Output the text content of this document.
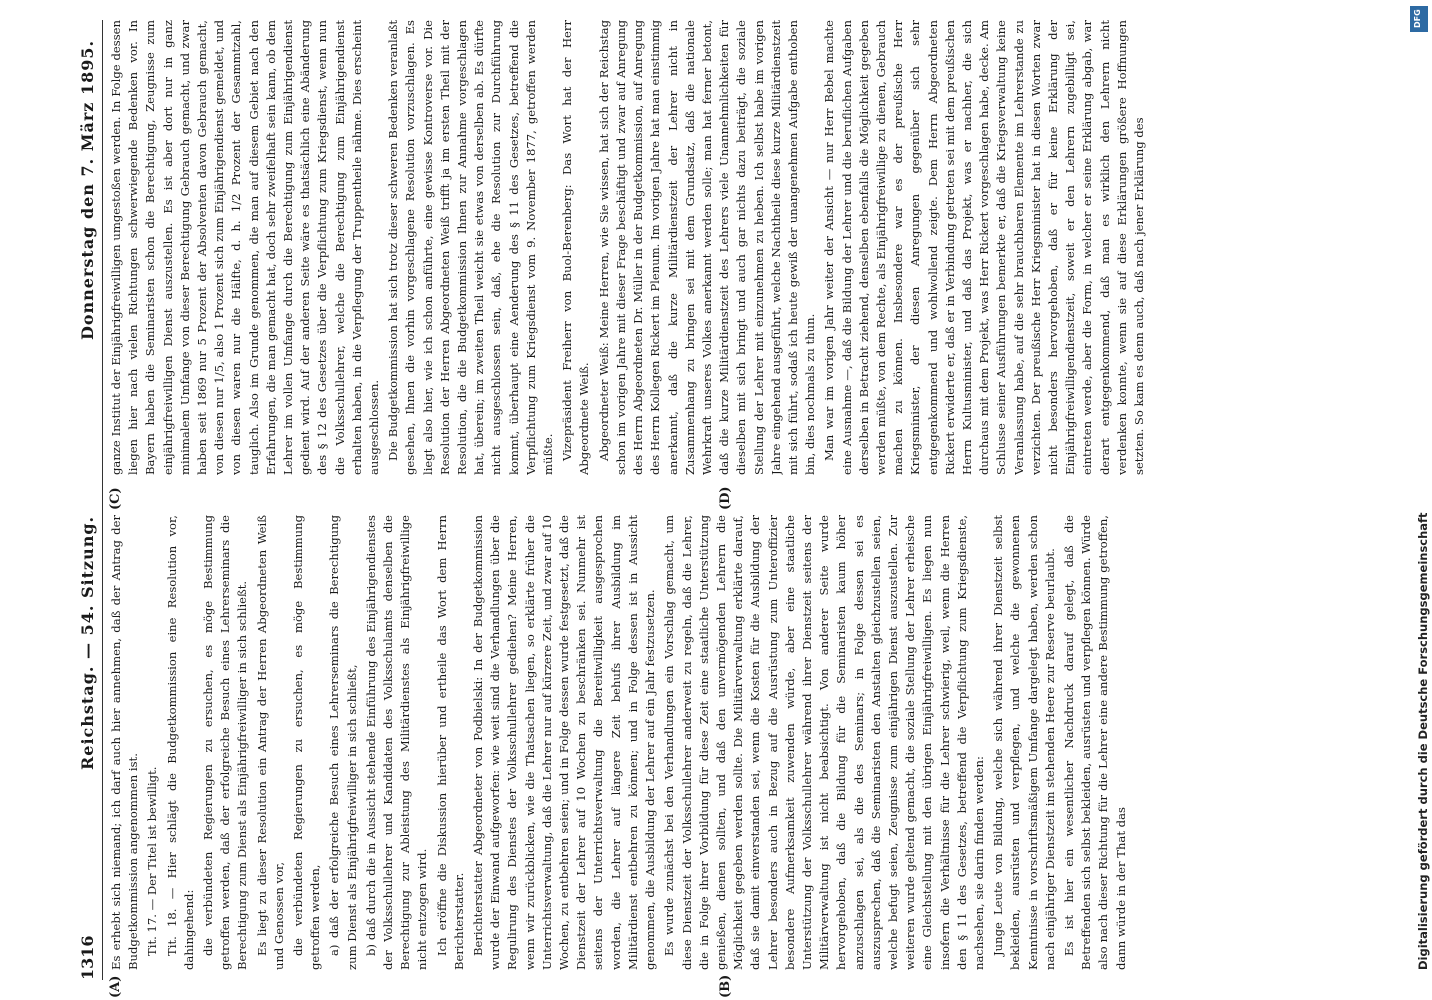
1316
Reichstag. — 54. Sitzung.
Donnerstag den 7. März 1895.
(A)	(B)
(C)	(D)

Es erhebt sich niemand; ich darf auch hier annehmen, daß der Antrag der Budgetkommission angenommen ist. Tit. 17. — Der Titel ist bewilligt. Tit. 18. — Hier schlägt die Budgetkommission eine Resolution vor, dahingehend: die verbündeten Regierungen zu ersuchen, es möge Bestimmung getroffen werden, daß der erfolgreiche Besuch eines Lehrerseminars die Berechtigung zum Dienst als Einjährigfreiwilliger in sich schließt. Es liegt zu dieser Resolution ein Antrag der Herren Abgeordneten Weiß und Genossen vor, die verbündeten Regierungen zu ersuchen, es möge Bestimmung getroffen werden, a) daß der erfolgreiche Besuch eines Lehrerseminars die Berechtigung zum Dienst als Einjährigfreiwilliger in sich schließt, b) daß durch die in Aussicht stehende Einführung des Einjährigendienstes der Volksschullehrer und Kandidaten des Volksschulamts denselben die Berechtigung zur Ableistung des Militärdienstes als Einjährigfreiwillige nicht entzogen wird. Ich eröffne die Diskussion hierüber und ertheile das Wort dem Herrn Berichterstatter. Berichterstatter Abgeordneter von Podbielski: In der Budgetkommission wurde der Einwand aufgeworfen: wie weit sind die Verhandlungen über die Regulirung des Dienstes der Volksschullehrer gediehen? Meine Herren, wenn wir zurückblicken, wie die Thatsachen liegen, so erklärte früher die Unterrichtsverwaltung, daß die Lehrer nur auf kürzere Zeit, und zwar auf 10 Wochen, zu entbehren seien; und in Folge dessen wurde festgesetzt, daß die Dienstzeit der Lehrer auf 10 Wochen zu beschränken sei. Nunmehr ist seitens der Unterrichtsverwaltung die Bereitwilligkeit ausgesprochen worden, die Lehrer auf längere Zeit behufs ihrer Ausbildung im Militärdienst entbehren zu können; und in Folge dessen ist in Aussicht genommen, die Ausbildung der Lehrer auf ein Jahr festzusetzen. Es wurde zunächst bei den Verhandlungen ein Vorschlag gemacht, um diese Dienstzeit der Volksschullehrer anderweit zu regeln, daß die Lehrer, die in Folge ihrer Vorbildung für diese Zeit eine staatliche Unterstützung genießen, dienen sollten, und daß den unvermögenden Lehrern die Möglichkeit gegeben werden sollte. Die Militärverwaltung erklärte darauf, daß sie damit einverstanden sei, wenn die Kosten für die Ausbildung der Lehrer besonders auch in Bezug auf die Ausrüstung zum Unteroffizier besondere Aufmerksamkeit zuwenden würde, aber eine staatliche Unterstützung der Volksschullehrer während ihrer Dienstzeit seitens der Militärverwaltung ist nicht beabsichtigt. Von anderer Seite wurde hervorgehoben, daß die Bildung für die Seminaristen kaum höher anzuschlagen sei, als die des Seminars; in Folge dessen sei es auszusprechen, daß die Seminaristen den Anstalten gleichzustellen seien, welche befugt seien, Zeugnisse zum einjährigen Dienst auszustellen. Zur weiteren wurde geltend gemacht, die soziale Stellung der Lehrer erheische eine Gleichstellung mit den übrigen Einjährigfreiwilligen. Es liegen nun insofern die Verhältnisse für die Lehrer schwierig, weil, wenn die Herren den § 11 des Gesetzes, betreffend die Verpflichtung zum Kriegsdienste, nachsehen, sie darin finden werden: Junge Leute von Bildung, welche sich während ihrer Dienstzeit selbst bekleiden, ausrüsten und verpflegen, und welche die gewonnenen Kenntnisse in vorschriftsmäßigem Umfange dargelegt haben, werden schon nach einjähriger Dienstzeit im stehenden Heere zur Reserve beurlaubt. Es ist hier ein wesentlicher Nachdruck darauf gelegt, daß die Betreffenden sich selbst bekleiden, ausrüsten und verpflegen können. Würde also nach dieser Richtung für die Lehrer eine andere Bestimmung getroffen, dann würde in der That das

ganze Institut der Einjährigfreiwilligen umgestoßen werden. In Folge dessen liegen hier nach vielen Richtungen schwerwiegende Bedenken vor. In Bayern haben die Seminaristen schon die Berechtigung, Zeugnisse zum einjährigfreiwilligen Dienst auszustellen. Es ist aber dort nur in ganz minimalem Umfange von dieser Berechtigung Gebrauch gemacht, und zwar haben seit 1869 nur 5 Prozent der Absolventen davon Gebrauch gemacht, von diesen nur 1/5, also 1 Prozent sich zum Einjährigendienst gemeldet, und von diesen waren nur die Hälfte, d. h. 1/2 Prozent der Gesammtzahl, tauglich. Also im Grunde genommen, die man auf diesem Gebiet nach den Erfahrungen, die man gemacht hat, doch sehr zweifelhaft sein kann, ob dem Lehrer im vollen Umfange durch die Berechtigung zum Einjährigendienst gedient wird. Auf der anderen Seite wäre es thatsächlich eine Abänderung des § 12 des Gesetzes über die Verpflichtung zum Kriegsdienst, wenn nun die Volksschullehrer, welche die Berechtigung zum Einjährigendienst erhalten haben, in die Verpflegung der Truppentheile nähme. Dies erscheint ausgeschlossen. Die Budgetkommission hat sich trotz dieser schweren Bedenken veranlaßt gesehen, Ihnen die vorhin vorgeschlagene Resolution vorzuschlagen. Es liegt also hier, wie ich schon anführte, eine gewisse Kontroverse vor. Die Resolution der Herren Abgeordneten Weiß trifft ja im ersten Theil mit der Resolution, die die Budgetkommission Ihnen zur Annahme vorgeschlagen hat, überein; im zweiten Theil weicht sie etwas von derselben ab. Es dürfte nicht ausgeschlossen sein, daß, ehe die Resolution zur Durchführung kommt, überhaupt eine Aenderung des § 11 des Gesetzes, betreffend die Verpflichtung zum Kriegsdienst vom 9. November 1877, getroffen werden müßte. Vizepräsident Freiherr von Buol-Berenberg: Das Wort hat der Herr Abgeordnete Weiß. Abgeordneter Weiß: Meine Herren, wie Sie wissen, hat sich der Reichstag schon im vorigen Jahre mit dieser Frage beschäftigt und zwar auf Anregung des Herrn Abgeordneten Dr. Müller in der Budgetkommission, auf Anregung des Herrn Kollegen Rickert im Plenum. Im vorigen Jahre hat man einstimmig anerkannt, daß die kurze Militärdienstzeit der Lehrer nicht in Zusammenhang zu bringen sei mit dem Grundsatz, daß die nationale Wehrkraft unseres Volkes anerkannt werden solle; man hat ferner betont, daß die kurze Militärdienstzeit des Lehrers viele Unannehmlichkeiten für dieselben mit sich bringt und auch gar nichts dazu beiträgt, die soziale Stellung der Lehrer mit einzunehmen zu heben. Ich selbst habe im vorigen Jahre eingehend ausgeführt, welche Nachtheile diese kurze Militärdienstzeit mit sich führt, sodaß ich heute gewiß der unangenehmen Aufgabe enthoben bin, dies nochmals zu thun. Man war im vorigen Jahr weiter der Ansicht — nur Herr Bebel machte eine Ausnahme —, daß die Bildung der Lehrer und die beruflichen Aufgaben derselben in Betracht ziehend, denselben ebenfalls die Möglichkeit gegeben werden müßte, von dem Rechte, als Einjährigfreiwillige zu dienen, Gebrauch machen zu können. Insbesondere war es der preußische Herr Kriegsminister, der diesen Anregungen gegenüber sich sehr entgegenkommend und wohlwollend zeigte. Dem Herrn Abgeordneten Rickert erwiderte er, daß er in Verbindung getreten sei mit dem preußischen Herrn Kultusminister, und daß das Projekt, was er nachher, die sich durchaus mit dem Projekt, was Herr Rickert vorgeschlagen habe, decke. Am Schlusse seiner Ausführungen bemerkte er, daß die Kriegsverwaltung keine Veranlassung habe, auf die sehr brauchbaren Elemente im Lehrerstande zu verzichten. Der preußische Herr Kriegsminister hat in diesen Worten zwar nicht besonders hervorgehoben, daß er für keine Erklärung der Einjährigfreiwilligendienstzeit, soweit er den Lehrern zugebilligt sei, eintreten werde, aber die Form, in welcher er seine Erklärung abgab, war derart entgegenkommend, daß man es wirklich den Lehrern nicht verdenken konnte, wenn sie auf diese Erklärungen größere Hoffnungen setzten. So kam es denn auch, daß nach jener Erklärung des

DFG
Digitalisierung gefördert durch die Deutsche Forschungsgemeinschaft
